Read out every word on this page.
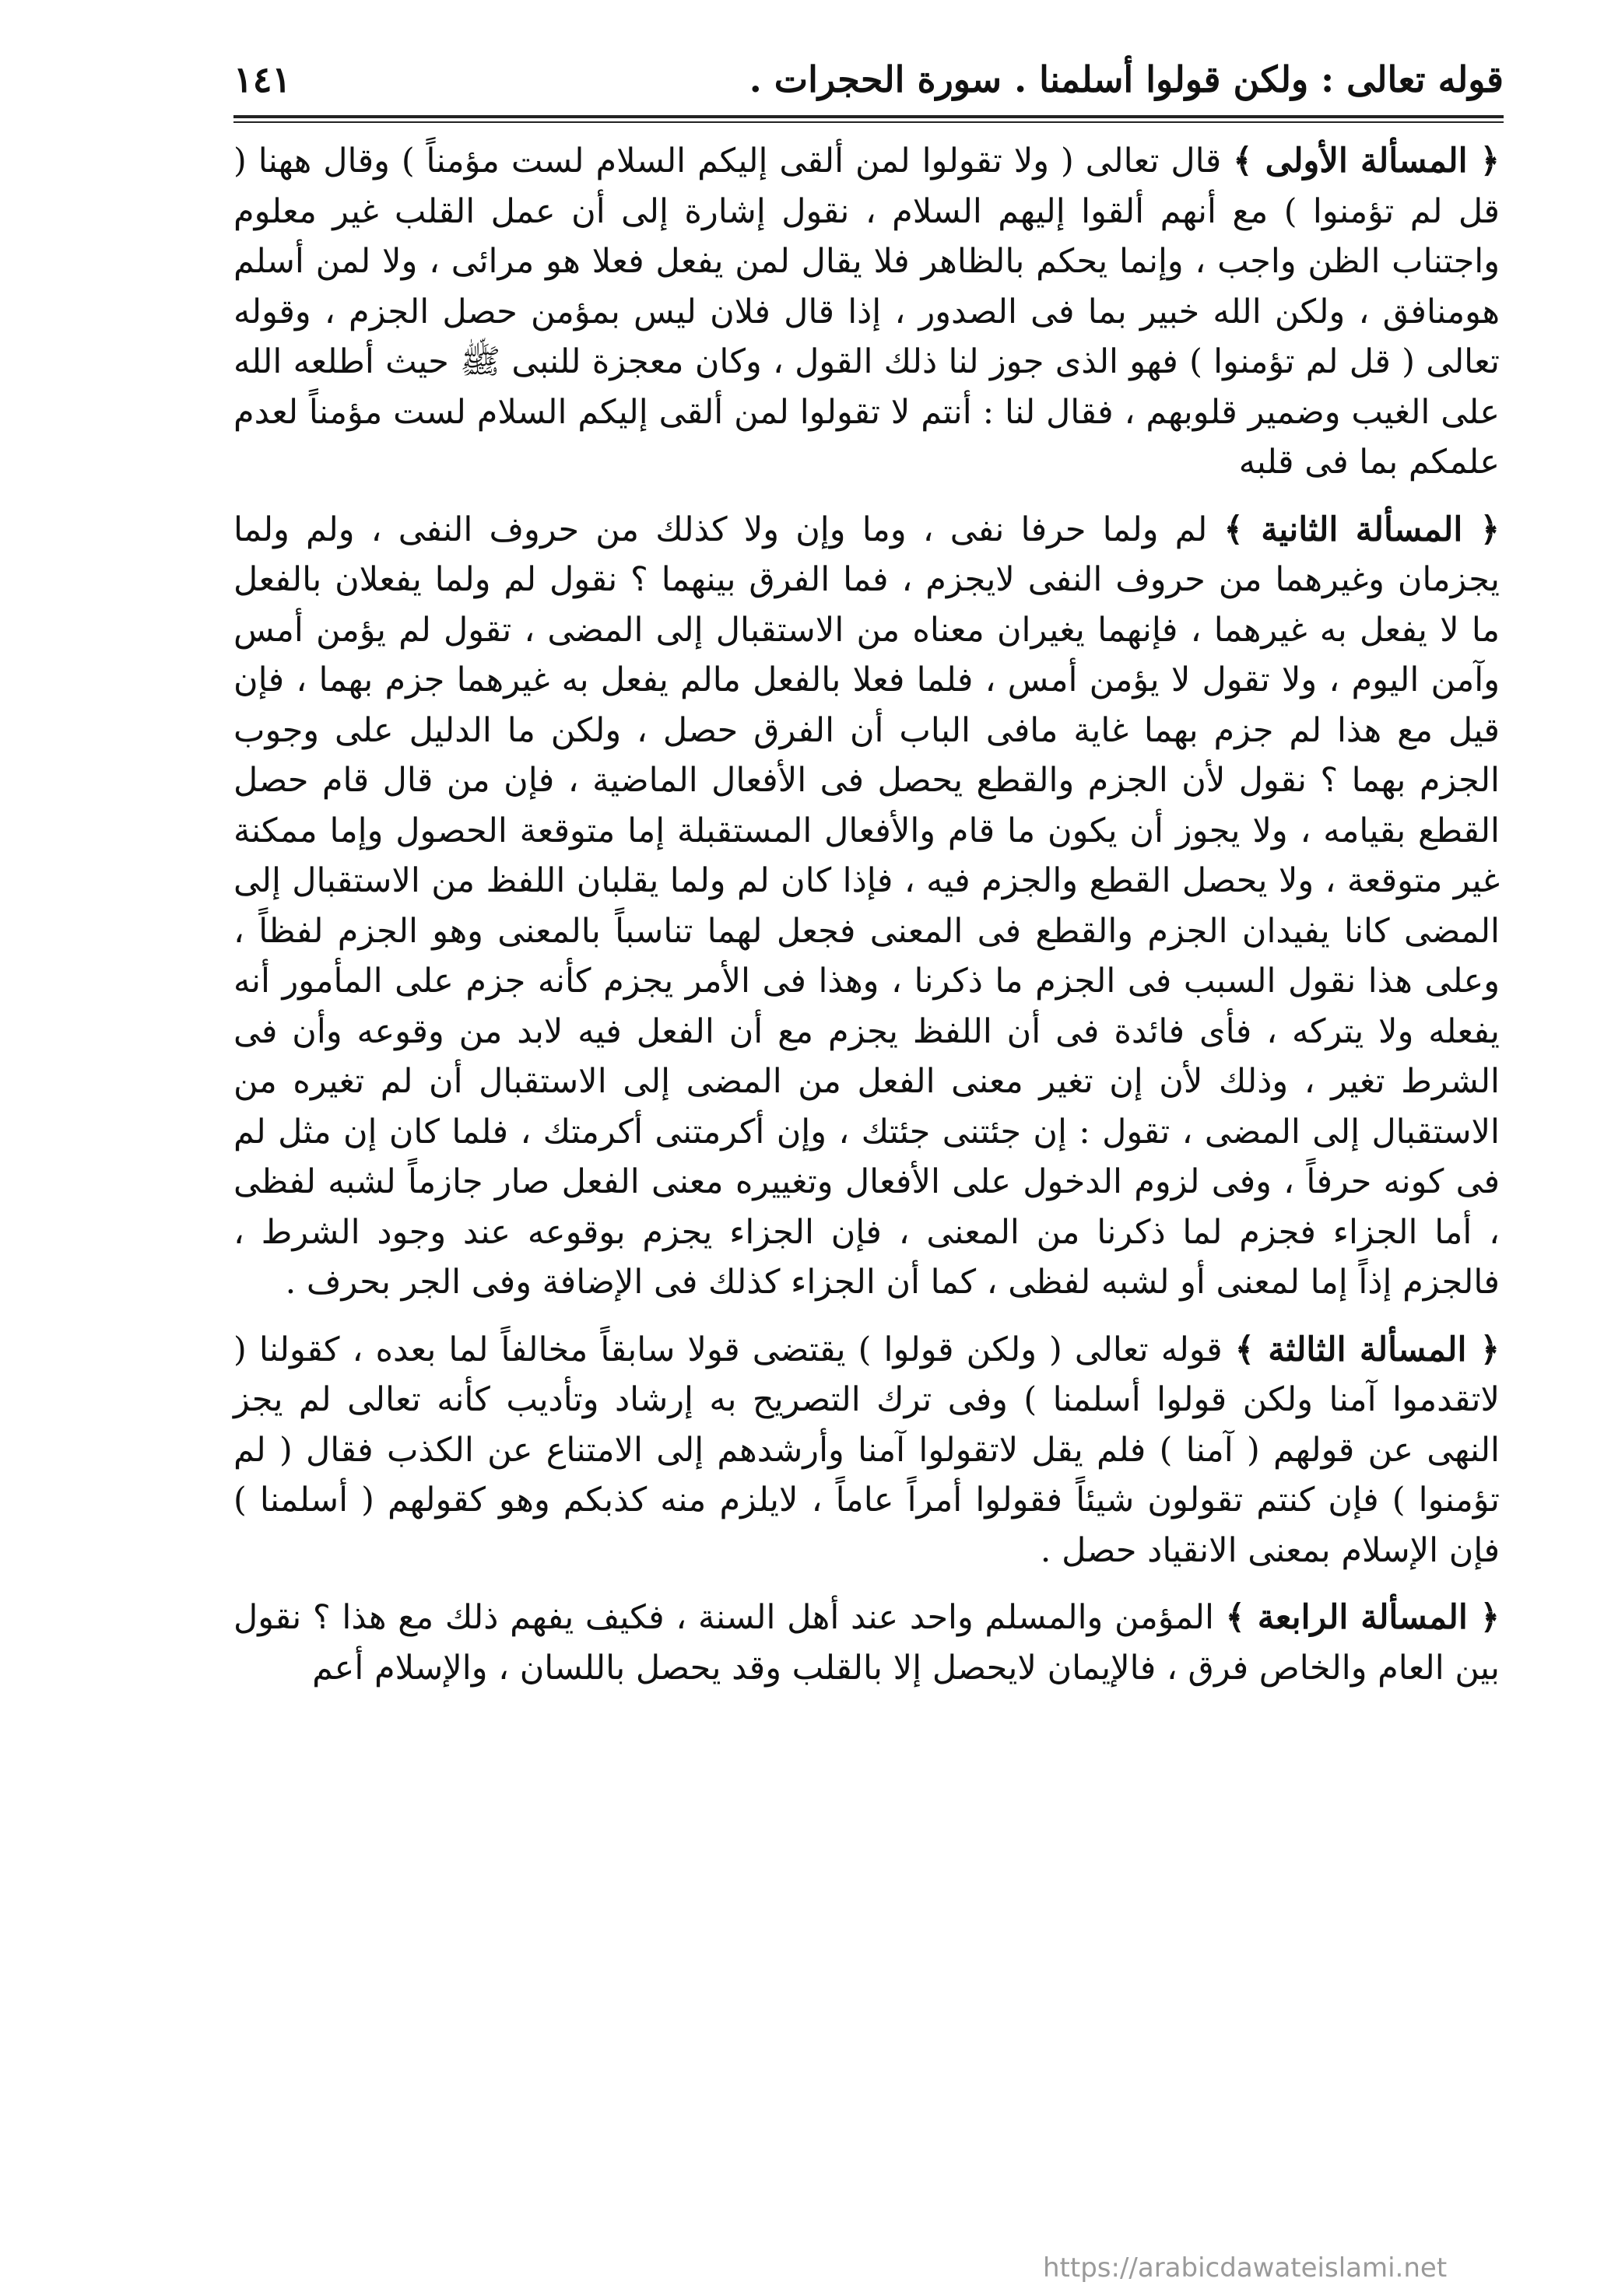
قوله تعالى : ولكن قولوا أسلمنا . سورة الحجرات .
١٤١

﴿ المسألة الأولى ﴾ قال تعالى ( ولا تقولوا لمن ألقى إليكم السلام لست مؤمناً ) وقال ههنا ( قل لم تؤمنوا ) مع أنهم ألقوا إليهم السلام ، نقول إشارة إلى أن عمل القلب غير معلوم واجتناب الظن واجب ، وإنما يحكم بالظاهر فلا يقال لمن يفعل فعلا هو مرائى ، ولا لمن أسلم هومنافق ، ولكن الله خبير بما فى الصدور ، إذا قال فلان ليس بمؤمن حصل الجزم ، وقوله تعالى ( قل لم تؤمنوا ) فهو الذى جوز لنا ذلك القول ، وكان معجزة للنبى ﷺ حيث أطلعه الله على الغيب وضمير قلوبهم ، فقال لنا : أنتم لا تقولوا لمن ألقى إليكم السلام لست مؤمناً لعدم علمكم بما فى قلبه

﴿ المسألة الثانية ﴾ لم ولما حرفا نفى ، وما وإن ولا كذلك من حروف النفى ، ولم ولما يجزمان وغيرهما من حروف النفى لايجزم ، فما الفرق بينهما ؟ نقول لم ولما يفعلان بالفعل ما لا يفعل به غيرهما ، فإنهما يغيران معناه من الاستقبال إلى المضى ، تقول لم يؤمن أمس وآمن اليوم ، ولا تقول لا يؤمن أمس ، فلما فعلا بالفعل مالم يفعل به غيرهما جزم بهما ، فإن قيل مع هذا لم جزم بهما غاية مافى الباب أن الفرق حصل ، ولكن ما الدليل على وجوب الجزم بهما ؟ نقول لأن الجزم والقطع يحصل فى الأفعال الماضية ، فإن من قال قام حصل القطع بقيامه ، ولا يجوز أن يكون ما قام والأفعال المستقبلة إما متوقعة الحصول وإما ممكنة غير متوقعة ، ولا يحصل القطع والجزم فيه ، فإذا كان لم ولما يقلبان اللفظ من الاستقبال إلى المضى كانا يفيدان الجزم والقطع فى المعنى فجعل لهما تناسباً بالمعنى وهو الجزم لفظاً ، وعلى هذا نقول السبب فى الجزم ما ذكرنا ، وهذا فى الأمر يجزم كأنه جزم على المأمور أنه يفعله ولا يتركه ، فأى فائدة فى أن اللفظ يجزم مع أن الفعل فيه لابد من وقوعه وأن فى الشرط تغير ، وذلك لأن إن تغير معنى الفعل من المضى إلى الاستقبال أن لم تغيره من الاستقبال إلى المضى ، تقول : إن جئتنى جئتك ، وإن أكرمتنى أكرمتك ، فلما كان إن مثل لم فى كونه حرفاً ، وفى لزوم الدخول على الأفعال وتغييره معنى الفعل صار جازماً لشبه لفظى ، أما الجزاء فجزم لما ذكرنا من المعنى ، فإن الجزاء يجزم بوقوعه عند وجود الشرط ، فالجزم إذاً إما لمعنى أو لشبه لفظى ، كما أن الجزاء كذلك فى الإضافة وفى الجر بحرف .

﴿ المسألة الثالثة ﴾ قوله تعالى ( ولكن قولوا ) يقتضى قولا سابقاً مخالفاً لما بعده ، كقولنا ( لاتقدموا آمنا ولكن قولوا أسلمنا ) وفى ترك التصريح به إرشاد وتأديب كأنه تعالى لم يجز النهى عن قولهم ( آمنا ) فلم يقل لاتقولوا آمنا وأرشدهم إلى الامتناع عن الكذب فقال ( لم تؤمنوا ) فإن كنتم تقولون شيئاً فقولوا أمراً عاماً ، لايلزم منه كذبكم وهو كقولهم ( أسلمنا ) فإن الإسلام بمعنى الانقياد حصل .

﴿ المسألة الرابعة ﴾ المؤمن والمسلم واحد عند أهل السنة ، فكيف يفهم ذلك مع هذا ؟ نقول بين العام والخاص فرق ، فالإيمان لايحصل إلا بالقلب وقد يحصل باللسان ، والإسلام أعم

https://arabicdawateislami.net
